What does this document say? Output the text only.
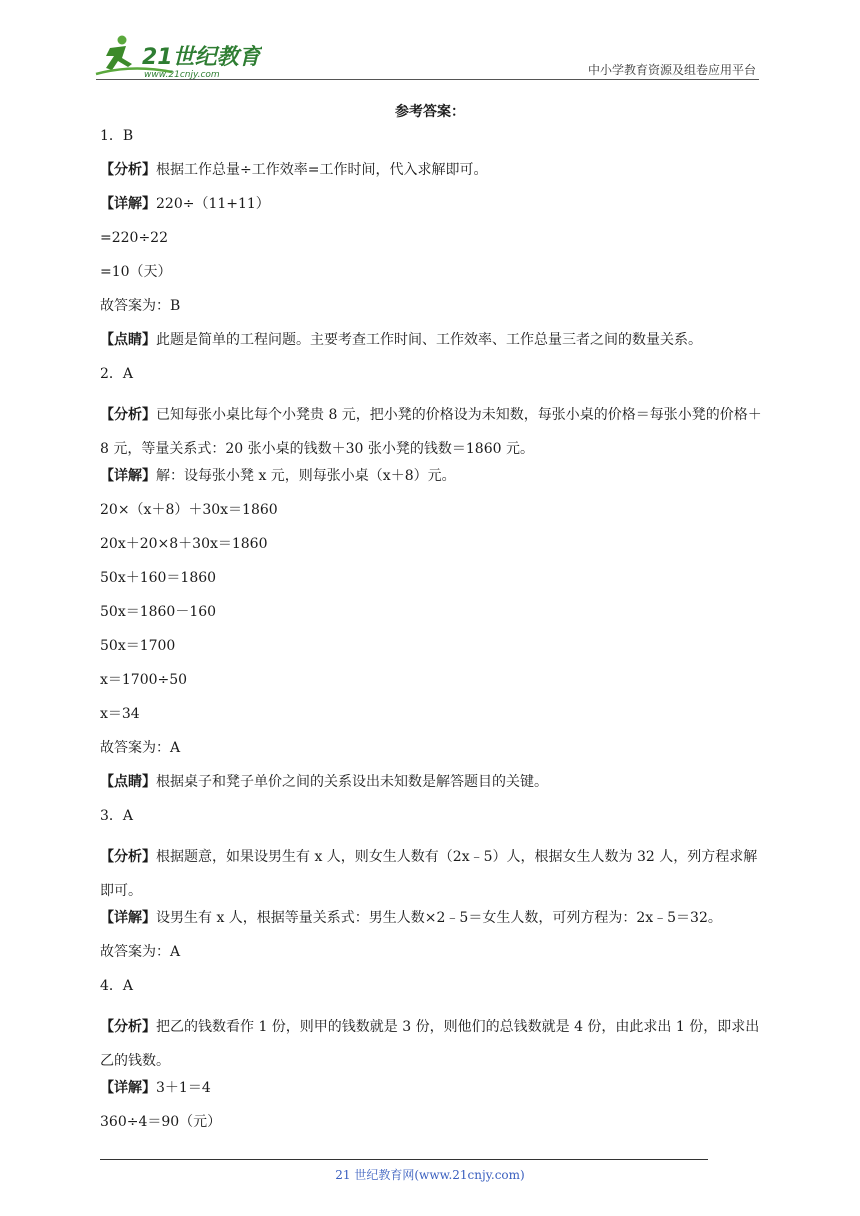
21世纪教育
www.21cnjy.com	中小学教育资源及组卷应用平台
参考答案：
1．B
【分析】根据工作总量÷工作效率=工作时间，代入求解即可。
【详解】220÷（11+11）
=220÷22
=10（天）
故答案为：B
【点睛】此题是简单的工程问题。主要考查工作时间、工作效率、工作总量三者之间的数量关系。
2．A
【分析】已知每张小桌比每个小凳贵 8 元，把小凳的价格设为未知数，每张小桌的价格＝每张小凳的价格＋8 元，等量关系式：20 张小桌的钱数＋30 张小凳的钱数＝1860 元。
【详解】解：设每张小凳 x 元，则每张小桌（x＋8）元。
20×（x＋8）＋30x＝1860
20x＋20×8＋30x＝1860
50x＋160＝1860
50x＝1860－160
50x＝1700
x＝1700÷50
x＝34
故答案为：A
【点睛】根据桌子和凳子单价之间的关系设出未知数是解答题目的关键。
3．A
【分析】根据题意，如果设男生有 x 人，则女生人数有（2x﹣5）人，根据女生人数为 32 人，列方程求解即可。
【详解】设男生有 x 人，根据等量关系式：男生人数×2﹣5＝女生人数，可列方程为：2x﹣5＝32。
故答案为：A
4．A
【分析】把乙的钱数看作 1 份，则甲的钱数就是 3 份，则他们的总钱数就是 4 份，由此求出 1 份，即求出乙的钱数。
【详解】3＋1＝4
360÷4＝90（元）
21 世纪教育网(www.21cnjy.com)
